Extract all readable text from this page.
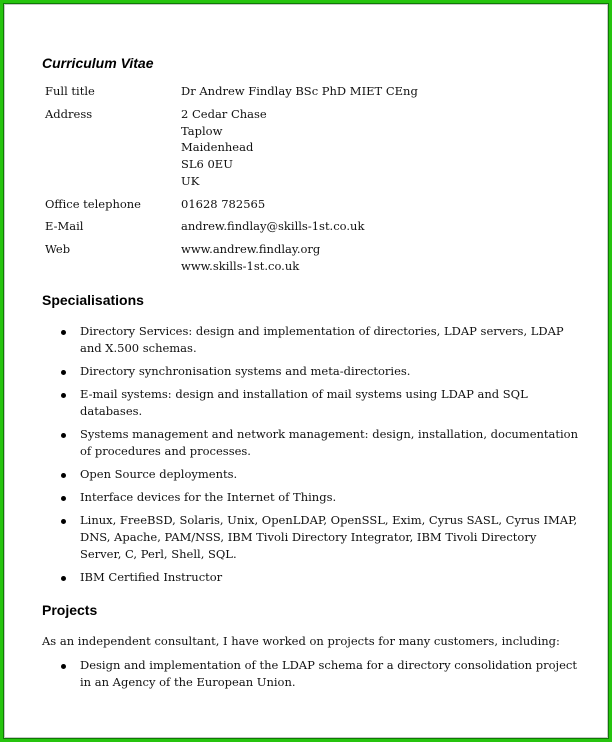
Curriculum Vitae
Full title	Dr Andrew Findlay BSc PhD MIET CEng
Address	2 Cedar Chase
Taplow
Maidenhead
SL6 0EU
UK
Office telephone	01628 782565
E-Mail	andrew.findlay@skills-1st.co.uk
Web	www.andrew.findlay.org
www.skills-1st.co.uk
Specialisations
Directory Services: design and implementation of directories, LDAP servers, LDAP and X.500 schemas.
Directory synchronisation systems and meta-directories.
E-mail systems: design and installation of mail systems using LDAP and SQL databases.
Systems management and network management: design, installation, documentation of procedures and processes.
Open Source deployments.
Interface devices for the Internet of Things.
Linux, FreeBSD, Solaris, Unix, OpenLDAP, OpenSSL, Exim, Cyrus SASL, Cyrus IMAP, DNS, Apache, PAM/NSS, IBM Tivoli Directory Integrator, IBM Tivoli Directory Server, C, Perl, Shell, SQL.
IBM Certified Instructor
Projects
As an independent consultant, I have worked on projects for many customers, including:
Design and implementation of the LDAP schema for a directory consolidation project in an Agency of the European Union.
